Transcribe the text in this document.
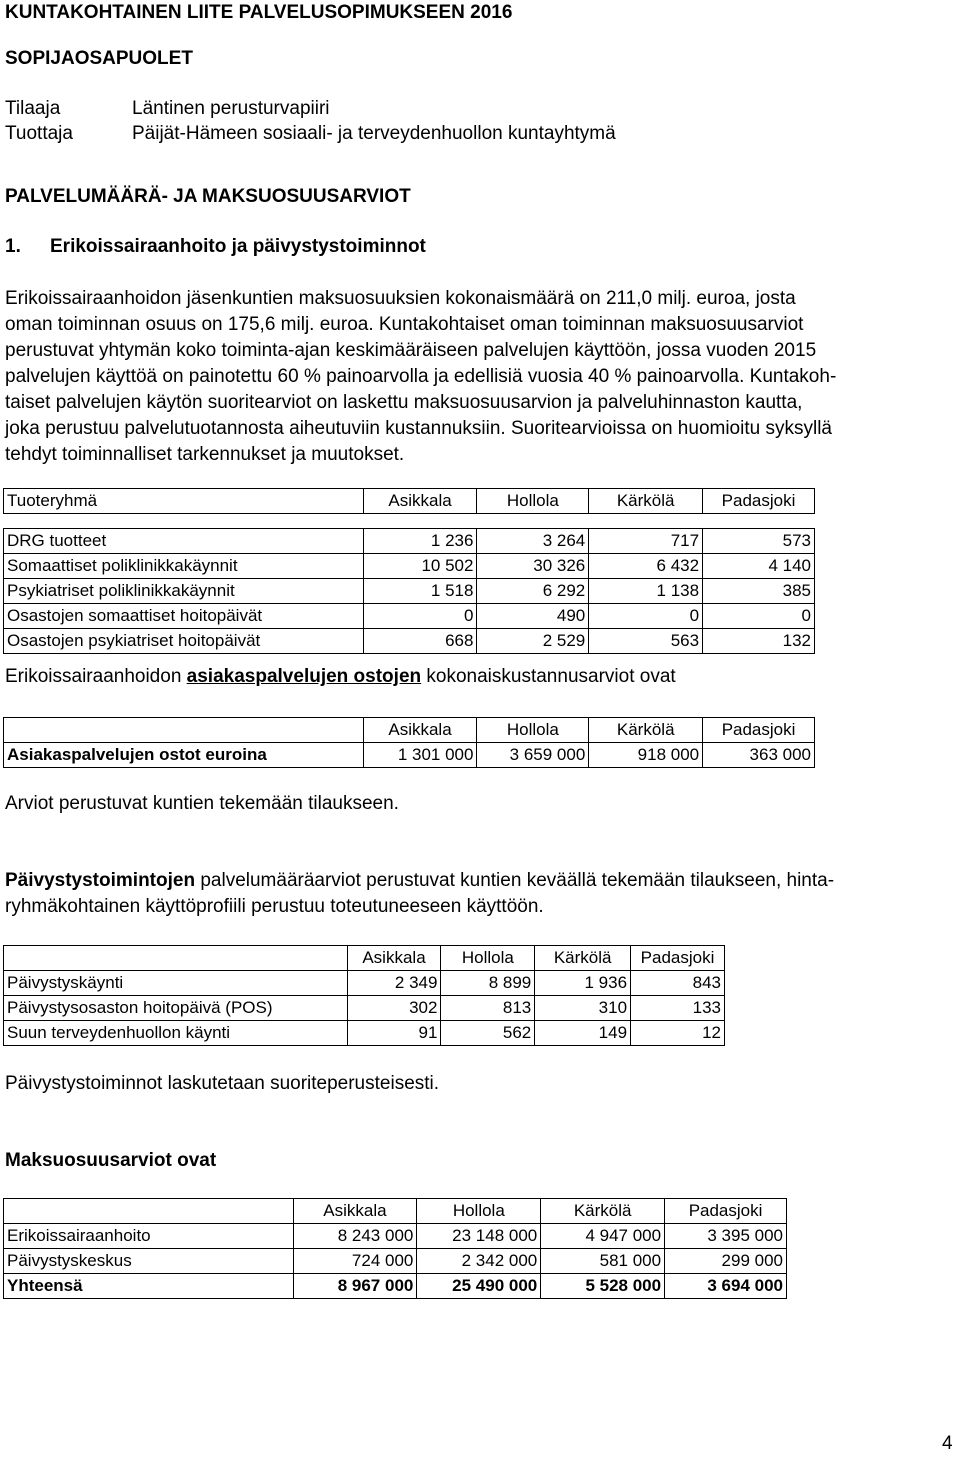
KUNTAKOHTAINEN LIITE PALVELUSOPIMUKSEEN 2016
SOPIJAOSAPUOLET
Tilaaja	Läntinen perusturvapiiri
Tuottaja	Päijät-Hämeen sosiaali- ja terveydenhuollon kuntayhtymä
PALVELUMÄÄRÄ- JA MAKSUOSUUSARVIOT
1. Erikoissairaanhoito ja päivystystoiminnot
Erikoissairaanhoidon jäsenkuntien maksuosuuksien kokonaismäärä on 211,0 milj. euroa, josta
oman toiminnan osuus on 175,6 milj. euroa. Kuntakohtaiset oman toiminnan maksuosuusarviot
perustuvat yhtymän koko toiminta-ajan keskimääräiseen palvelujen käyttöön, jossa vuoden 2015
palvelujen käyttöä on painotettu 60 % painoarvolla ja edellisiä vuosia 40 % painoarvolla. Kuntakoh-
taiset palvelujen käytön suoritearviot on laskettu maksuosuusarvion ja palveluhinnaston kautta,
joka perustuu palvelutuotannosta aiheutuviin kustannuksiin. Suoritearvioissa on huomioitu syksyllä
tehdyt toiminnalliset tarkennukset ja muutokset.
Tuoteryhmä	Asikkala	Hollola	Kärkölä	Padasjoki

DRG tuotteet	1 236	3 264	717	573
Somaattiset poliklinikkakäynnit	10 502	30 326	6 432	4 140
Psykiatriset poliklinikkakäynnit	1 518	6 292	1 138	385
Osastojen somaattiset hoitopäivät	0	490	0	0
Osastojen psykiatriset hoitopäivät	668	2 529	563	132
Erikoissairaanhoidon asiakaspalvelujen ostojen kokonaiskustannusarviot ovat
	Asikkala	Hollola	Kärkölä	Padasjoki
Asiakaspalvelujen ostot euroina	1 301 000	3 659 000	918 000	363 000
Arviot perustuvat kuntien tekemään tilaukseen.
Päivystystoimintojen palvelumääräarviot perustuvat kuntien keväällä tekemään tilaukseen, hinta-
ryhmäkohtainen käyttöprofiili perustuu toteutuneeseen käyttöön.
	Asikkala	Hollola	Kärkölä	Padasjoki
Päivystyskäynti	2 349	8 899	1 936	843
Päivystysosaston hoitopäivä (POS)	302	813	310	133
Suun terveydenhuollon käynti	91	562	149	12
Päivystystoiminnot laskutetaan suoriteperusteisesti.
Maksuosuusarviot ovat
	Asikkala	Hollola	Kärkölä	Padasjoki
Erikoissairaanhoito	8 243 000	23 148 000	4 947 000	3 395 000
Päivystyskeskus	724 000	2 342 000	581 000	299 000
Yhteensä	8 967 000	25 490 000	5 528 000	3 694 000
4
